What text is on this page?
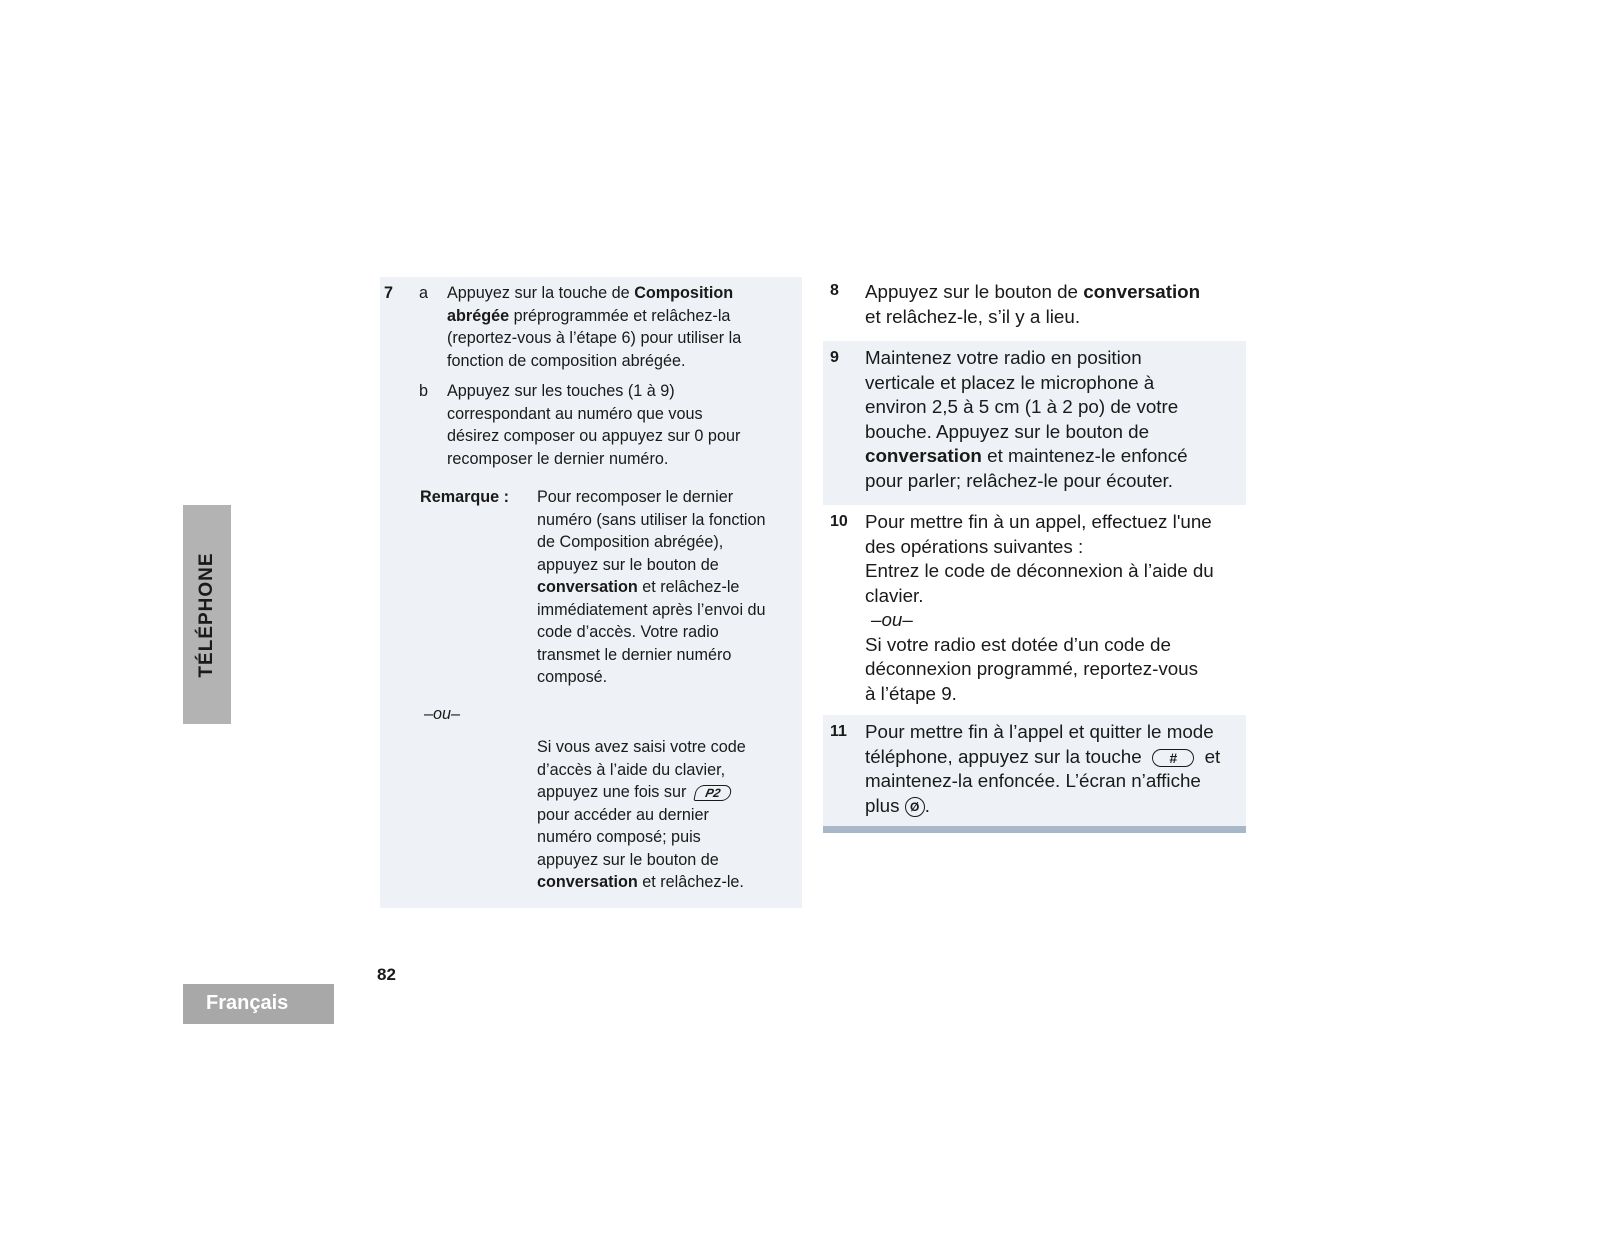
TÉLÉPHONE
7 a Appuyez sur la touche de Composition
abrégée préprogrammée et relâchez-la
(reportez-vous à l’étape 6) pour utiliser la
fonction de composition abrégée.
b Appuyez sur les touches (1 à 9)
correspondant au numéro que vous
désirez composer ou appuyez sur 0 pour
recomposer le dernier numéro.
Remarque : Pour recomposer le dernier
numéro (sans utiliser la fonction
de Composition abrégée),
appuyez sur le bouton de
conversation et relâchez-le
immédiatement après l’envoi du
code d’accès. Votre radio
transmet le dernier numéro
composé.
–ou–
Si vous avez saisi votre code
d’accès à l’aide du clavier,
appuyez une fois sur P2
pour accéder au dernier
numéro composé; puis
appuyez sur le bouton de
conversation et relâchez-le.
8 Appuyez sur le bouton de conversation
et relâchez-le, s’il y a lieu.
9 Maintenez votre radio en position
verticale et placez le microphone à
environ 2,5 à 5 cm (1 à 2 po) de votre
bouche. Appuyez sur le bouton de
conversation et maintenez-le enfoncé
pour parler; relâchez-le pour écouter.
10 Pour mettre fin à un appel, effectuez l'une
des opérations suivantes :
Entrez le code de déconnexion à l’aide du
clavier.
–ou–
Si votre radio est dotée d’un code de
déconnexion programmé, reportez-vous
à l’étape 9.
11 Pour mettre fin à l’appel et quitter le mode
téléphone, appuyez sur la touche # et
maintenez-la enfoncée. L’écran n’affiche
plus Ø .
82
Français
